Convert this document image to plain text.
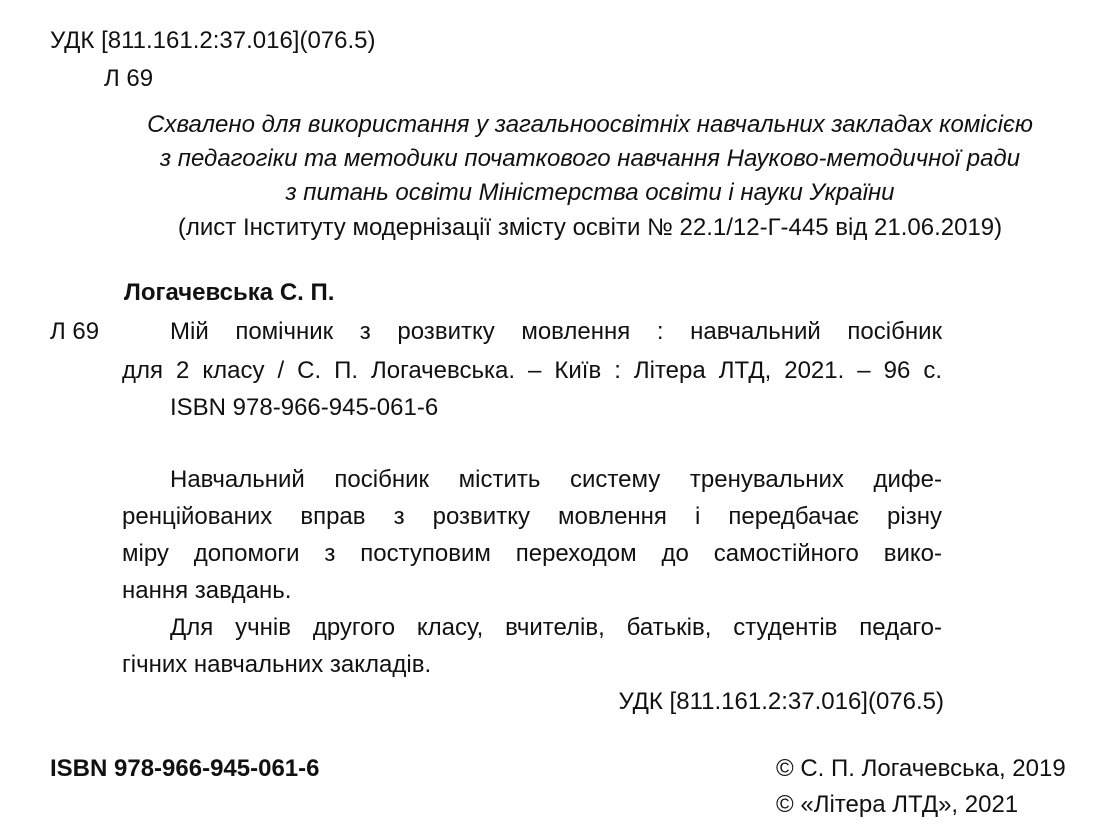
УДК [811.161.2:37.016](076.5)
Л 69
Схвалено для використання у загальноосвітніх навчальних закладах комісією
з педагогіки та методики початкового навчання Науково-методичної ради
з питань освіти Міністерства освіти і науки України
(лист Інституту модернізації змісту освіти № 22.1/12-Г-445 від 21.06.2019)
Логачевська С. П.
Л 69	Мій помічник з розвитку мовлення : навчальний посібник
для 2 класу / С. П. Логачевська. – Київ : Літера ЛТД, 2021. – 96 с.
ISBN 978-966-945-061-6
Навчальний посібник містить систему тренувальних дифе-
ренційованих вправ з розвитку мовлення і передбачає різну
міру допомоги з поступовим переходом до самостійного вико-
нання завдань.
Для учнів другого класу, вчителів, батьків, студентів педаго-
гічних навчальних закладів.
УДК [811.161.2:37.016](076.5)
ISBN 978-966-945-061-6	© С. П. Логачевська, 2019
© «Літера ЛТД», 2021
